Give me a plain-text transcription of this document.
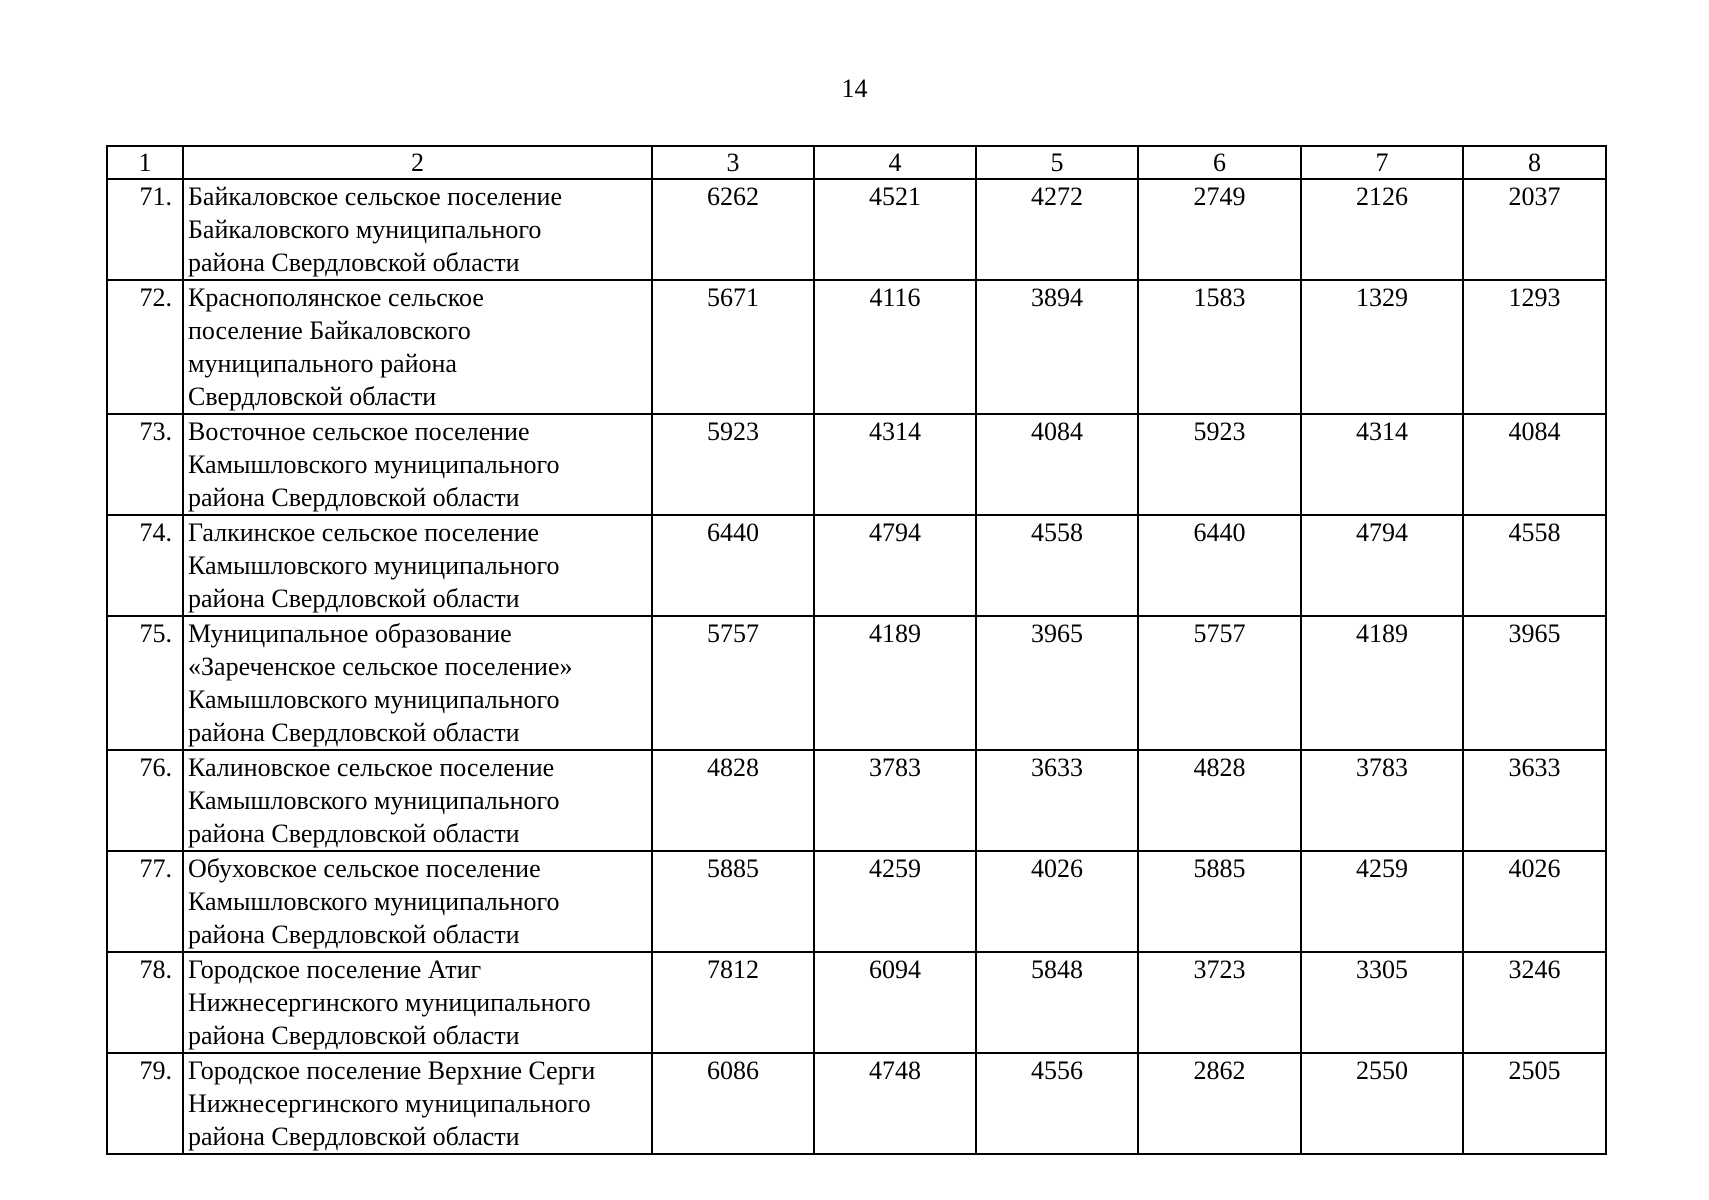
14
1	2	3	4	5	6	7	8
71.	Байкаловское сельское поселение
Байкаловского муниципального
района Свердловской области	6262	4521	4272	2749	2126	2037
72.	Краснополянское сельское
поселение Байкаловского
муниципального района
Свердловской области	5671	4116	3894	1583	1329	1293
73.	Восточное сельское поселение
Камышловского муниципального
района Свердловской области	5923	4314	4084	5923	4314	4084
74.	Галкинское сельское поселение
Камышловского муниципального
района Свердловской области	6440	4794	4558	6440	4794	4558
75.	Муниципальное образование
«Зареченское сельское поселение»
Камышловского муниципального
района Свердловской области	5757	4189	3965	5757	4189	3965
76.	Калиновское сельское поселение
Камышловского муниципального
района Свердловской области	4828	3783	3633	4828	3783	3633
77.	Обуховское сельское поселение
Камышловского муниципального
района Свердловской области	5885	4259	4026	5885	4259	4026
78.	Городское поселение Атиг
Нижнесергинского муниципального
района Свердловской области	7812	6094	5848	3723	3305	3246
79.	Городское поселение Верхние Серги
Нижнесергинского муниципального
района Свердловской области	6086	4748	4556	2862	2550	2505
